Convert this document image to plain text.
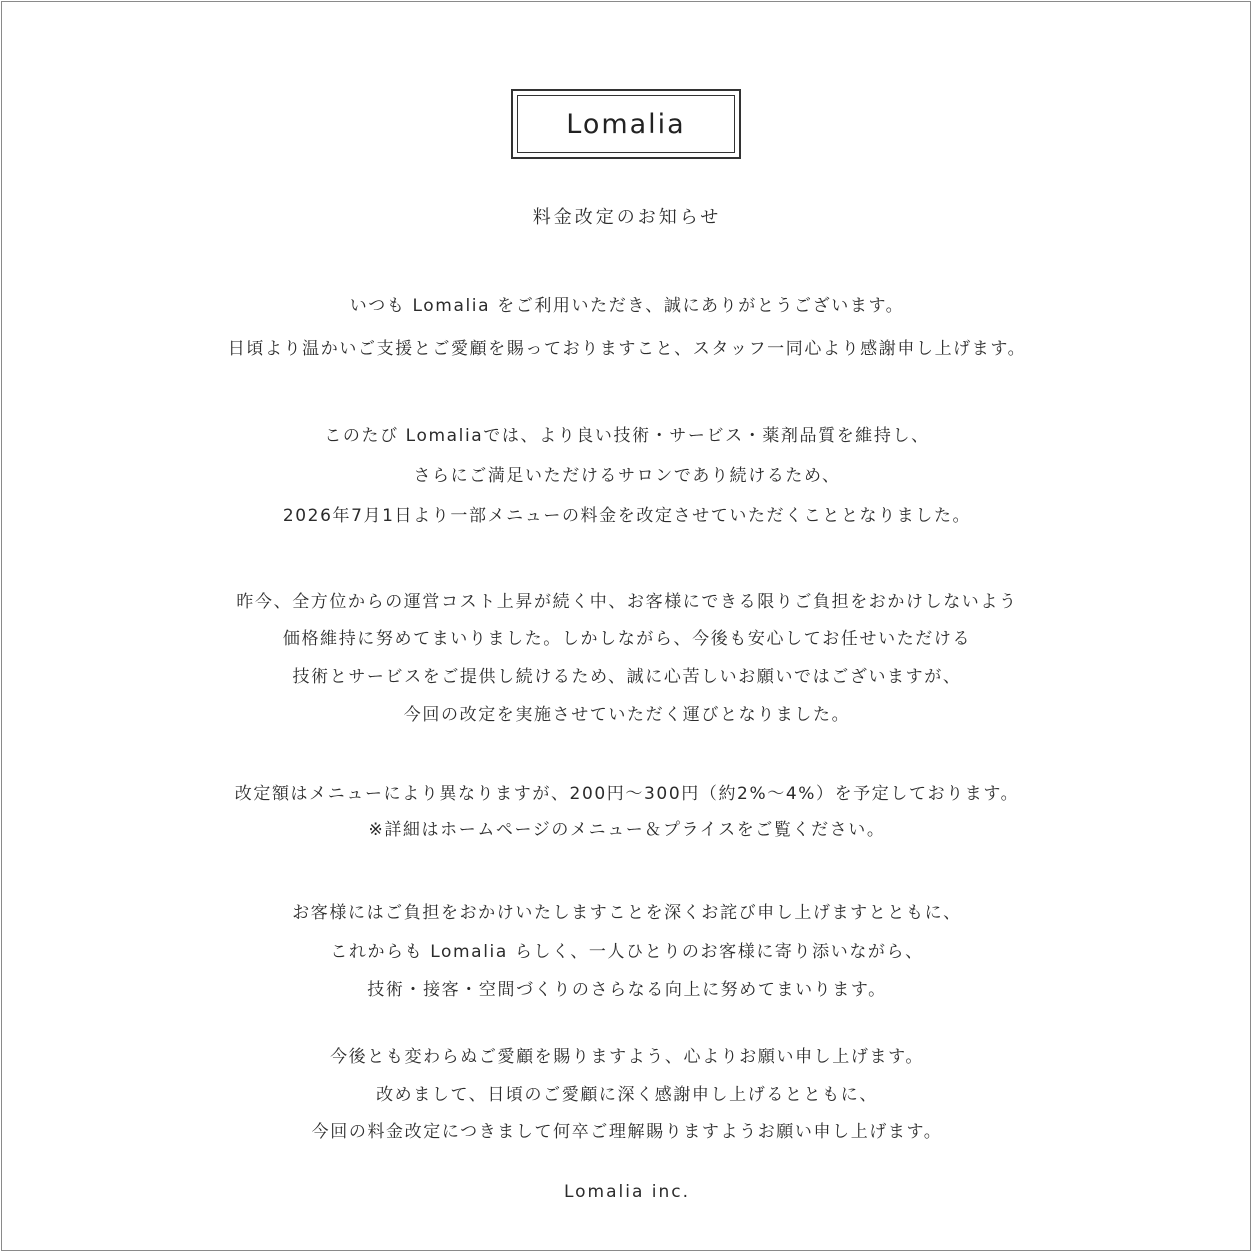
Lomalia
料金改定のお知らせ
いつも Lomalia をご利用いただき、誠にありがとうございます。
日頃より温かいご支援とご愛顧を賜っておりますこと、スタッフ一同心より感謝申し上げます。
このたび Lomaliaでは、より良い技術・サービス・薬剤品質を維持し、
さらにご満足いただけるサロンであり続けるため、
2026年7月1日より一部メニューの料金を改定させていただくこととなりました。
昨今、全方位からの運営コスト上昇が続く中、お客様にできる限りご負担をおかけしないよう
価格維持に努めてまいりました。しかしながら、今後も安心してお任せいただける
技術とサービスをご提供し続けるため、誠に心苦しいお願いではございますが、
今回の改定を実施させていただく運びとなりました。
改定額はメニューにより異なりますが、200円〜300円（約2%〜4%）を予定しております。
※詳細はホームページのメニュー＆プライスをご覧ください。
お客様にはご負担をおかけいたしますことを深くお詫び申し上げますとともに、
これからも Lomalia らしく、一人ひとりのお客様に寄り添いながら、
技術・接客・空間づくりのさらなる向上に努めてまいります。
今後とも変わらぬご愛顧を賜りますよう、心よりお願い申し上げます。
改めまして、日頃のご愛顧に深く感謝申し上げるとともに、
今回の料金改定につきまして何卒ご理解賜りますようお願い申し上げます。
Lomalia inc.
